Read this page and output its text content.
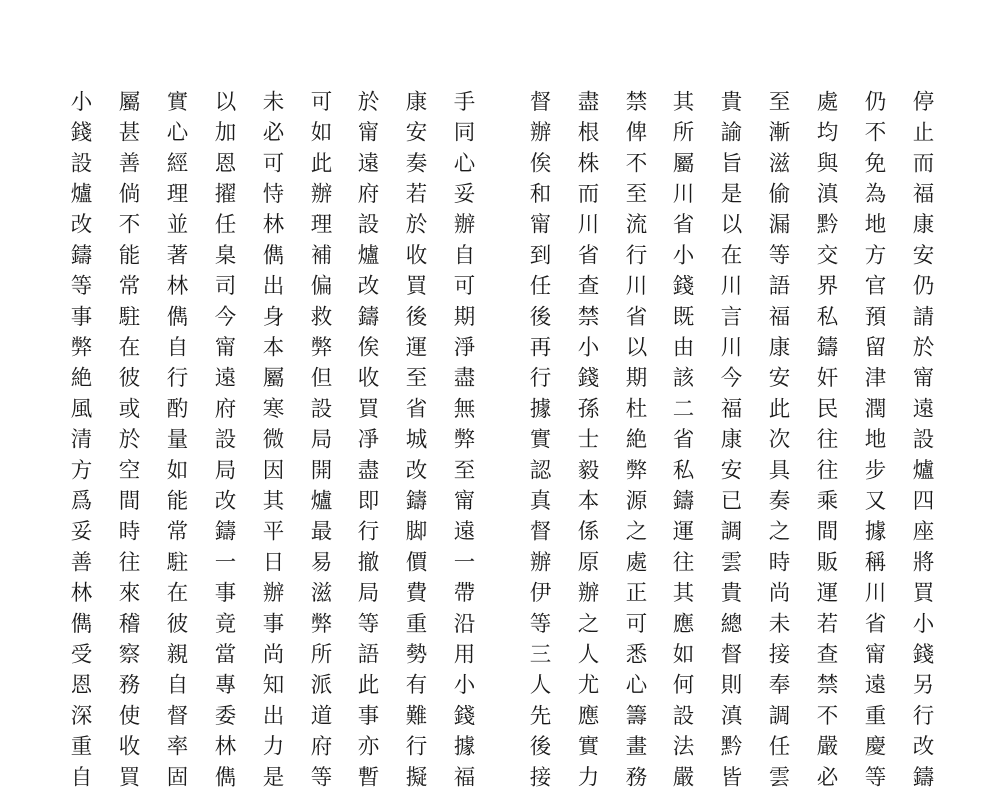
停止而福康安仍請於甯遠設爐四座將買小錢另行改鑄
仍不免為地方官預留津潤地步又據稱川省甯遠重慶等
處均與滇黔交界私鑄奸民往往乘間販運若查禁不嚴必
至漸滋偷漏等語福康安此次具奏之時尚未接奉調任雲
貴諭旨是以在川言川今福康安已調雲貴總督則滇黔皆
其所屬川省小錢既由該二省私鑄運往其應如何設法嚴
禁俾不至流行川省以期杜絶弊源之處正可悉心籌畫務
盡根株而川省查禁小錢孫士毅本係原辦之人尤應實力
督辦俟和甯到任後再行據實認真督辦伊等三人先後接
手同心妥辦自可期淨盡無弊至甯遠一帶沿用小錢據福
康安奏若於收買後運至省城改鑄脚價費重勢有難行擬
於甯遠府設爐改鑄俟收買凈盡即行撤局等語此事亦暫
可如此辦理補偏救弊但設局開爐最易滋弊所派道府等
未必可恃林儁出身本屬寒微因其平日辦事尚知出力是
以加恩擢任臬司今甯遠府設局改鑄一事竟當專委林儁
實心經理並著林儁自行酌量如能常駐在彼親自督率固
屬甚善倘不能常駐在彼或於空間時往來稽察務使收買
小錢設爐改鑄等事弊絶風清方爲妥善林儁受恩深重自
